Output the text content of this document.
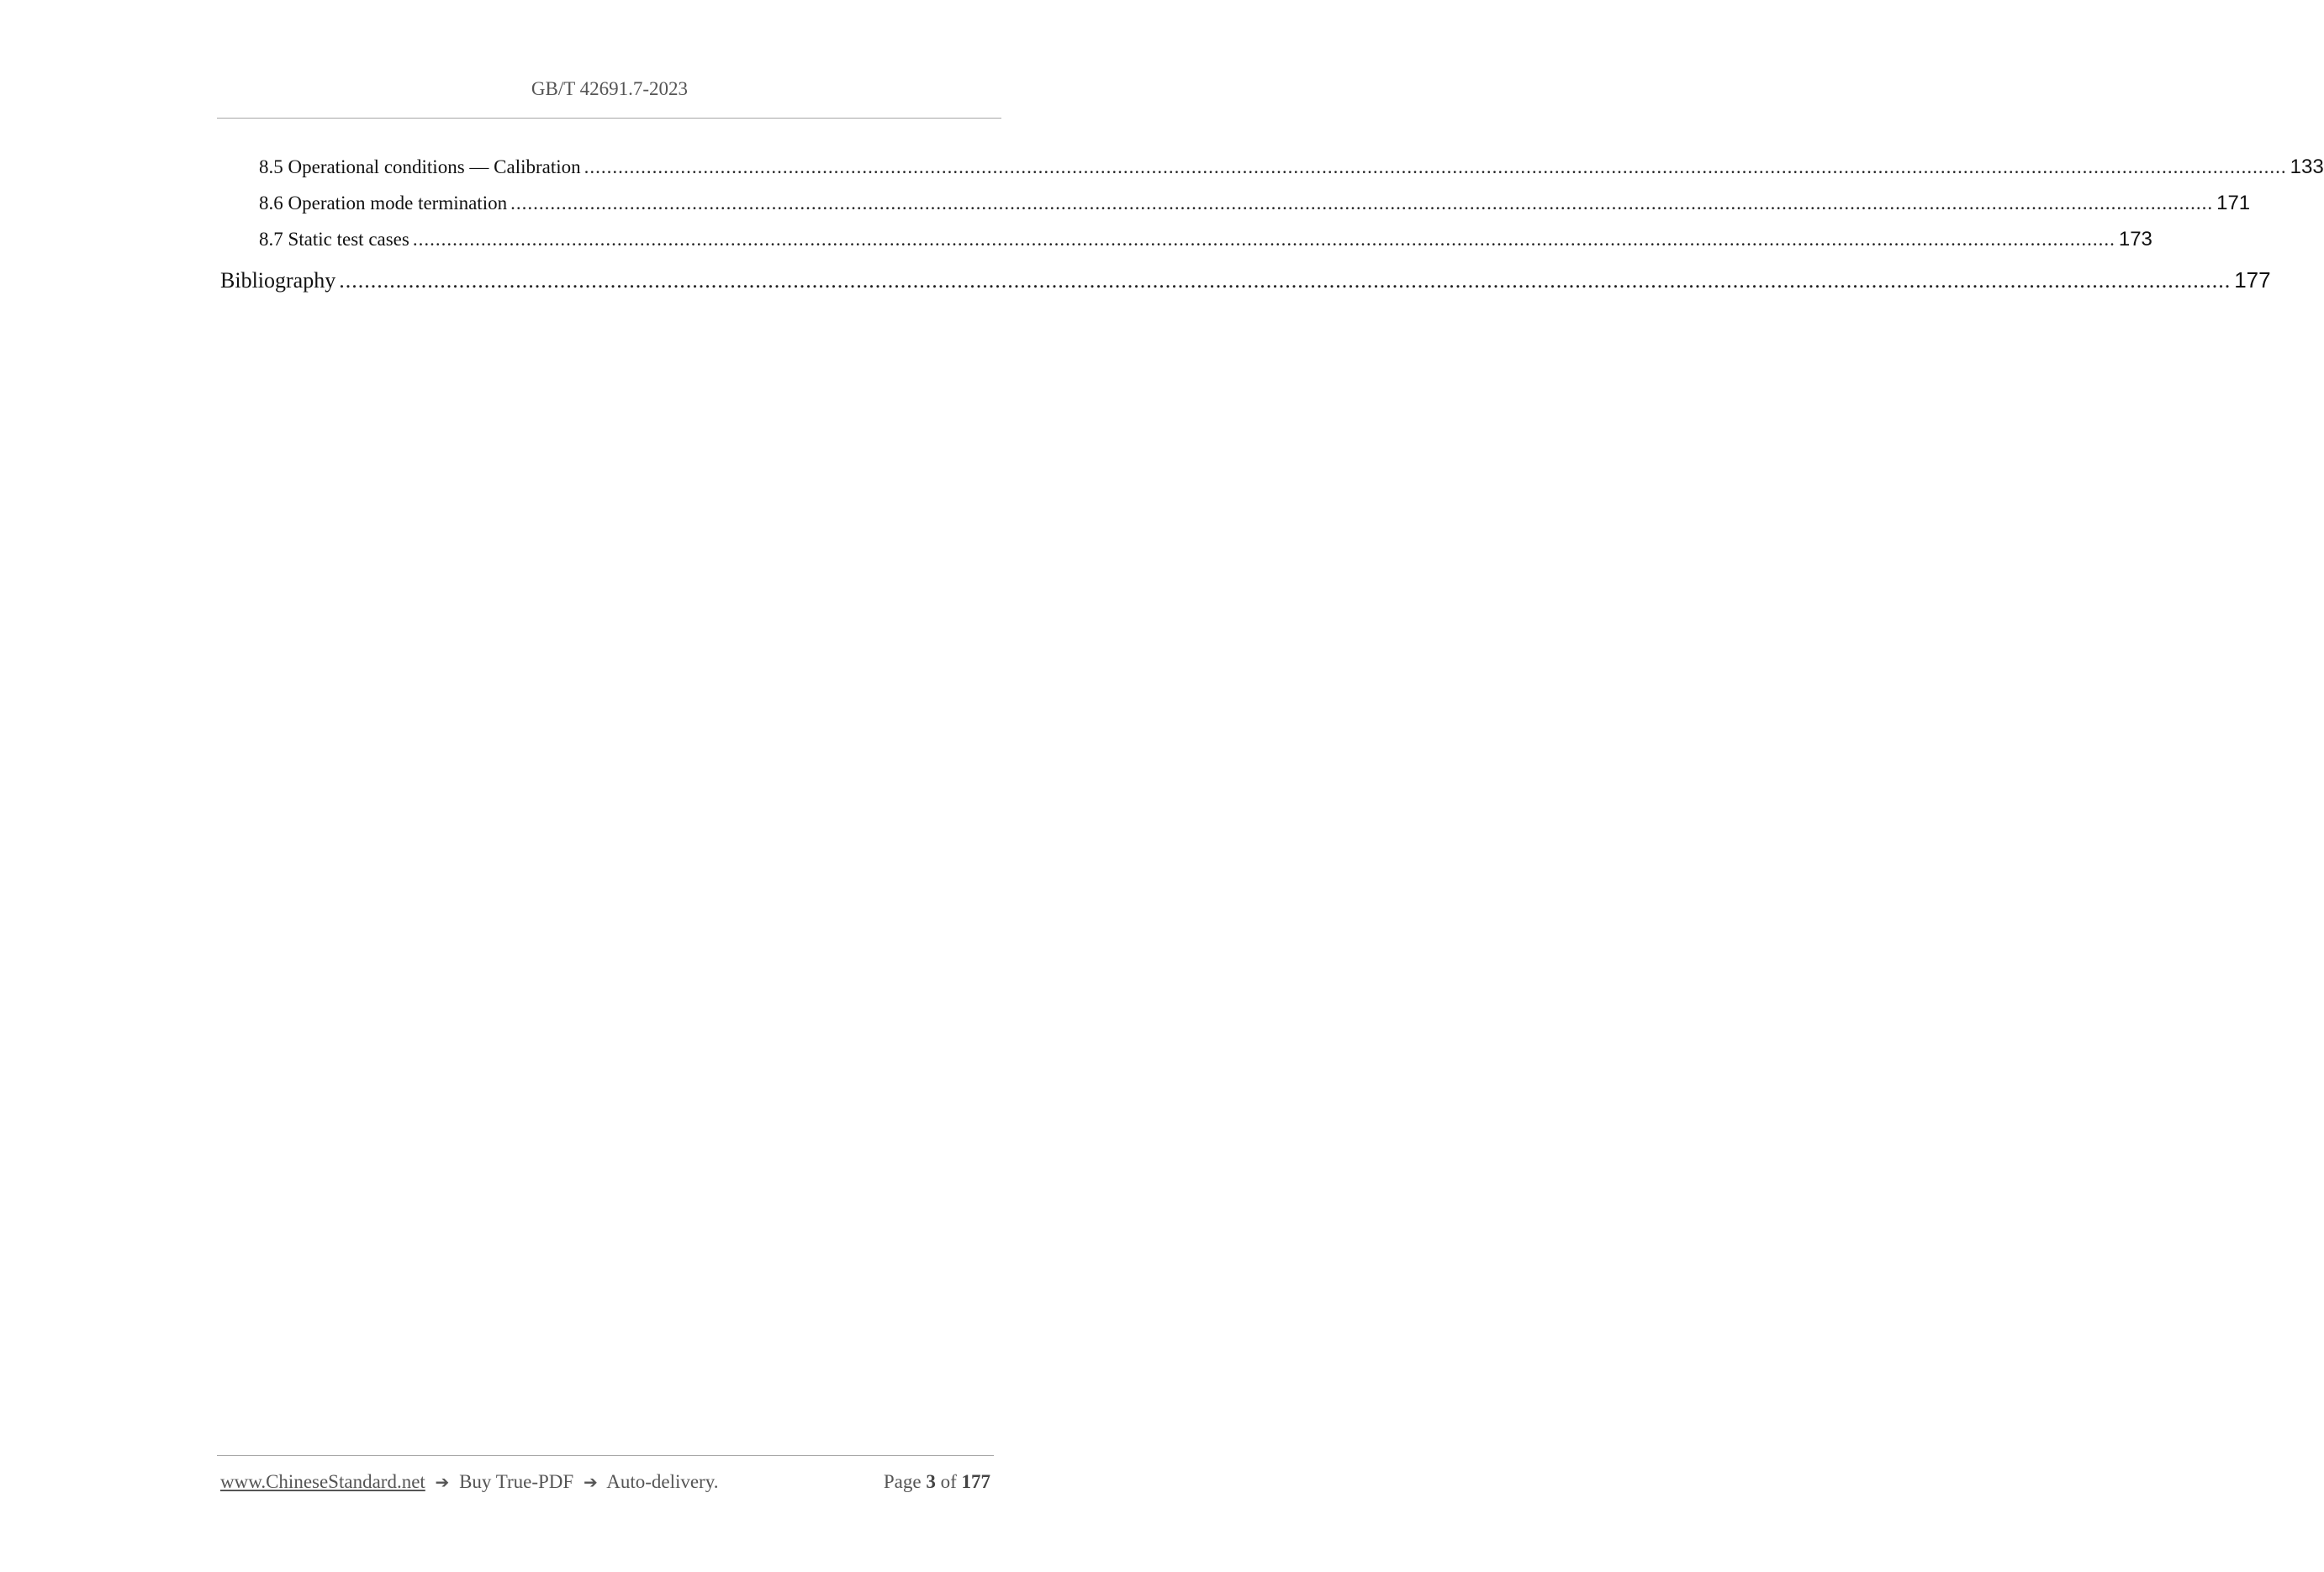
GB/T 42691.7-2023
8.5 Operational conditions — Calibration ............................................................................................................................................................................................................................................................................................................ 133
8.6 Operation mode termination ............................................................................................................................................................................................................................................................................................................ 171
8.7 Static test cases ............................................................................................................................................................................................................................................................................................................ 173
Bibliography ............................................................................................................................................................................................................................................................................................................ 177
www.ChineseStandard.net ➔ Buy True-PDF ➔ Auto-delivery.	Page 3 of 177
